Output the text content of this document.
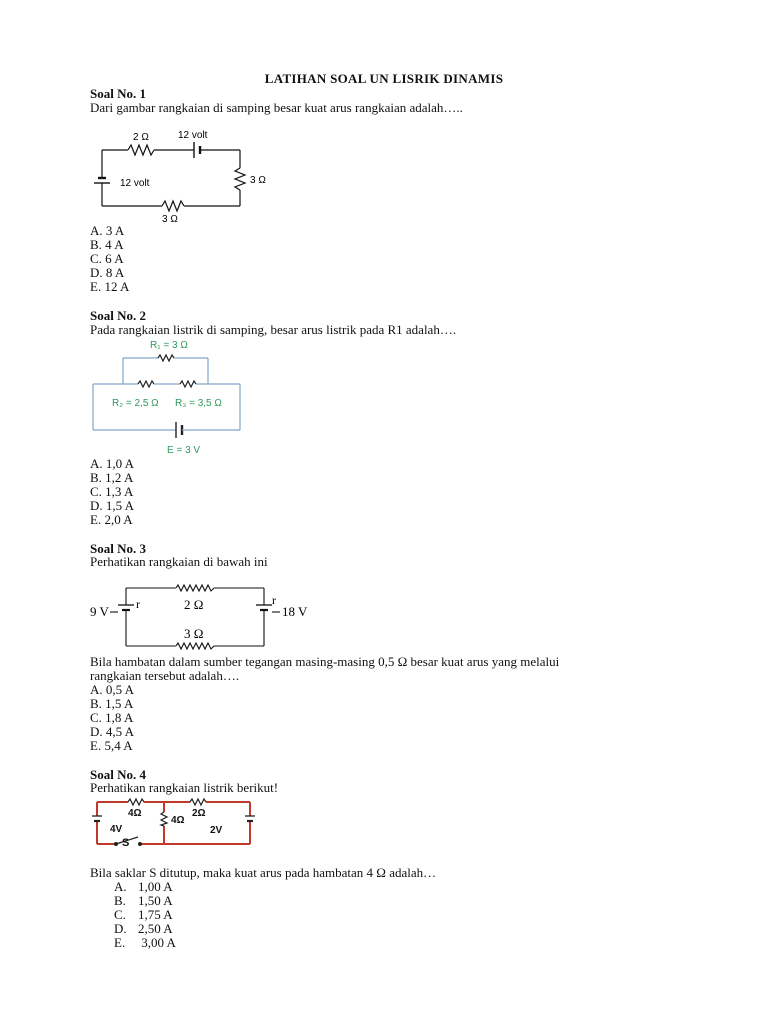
LATIHAN SOAL UN LISRIK DINAMIS
Soal No. 1
Dari gambar rangkaian di samping besar kuat arus rangkaian adalah…..
2 Ω	12 volt
3 Ω
12 volt
3 Ω
A. 3 A
B. 4 A
C. 6 A
D. 8 A
E. 12 A
Soal No. 2
Pada rangkaian listrik di samping, besar arus listrik pada R1 adalah….
R₁ = 3 Ω
R₂ = 2,5 Ω R₃ = 3,5 Ω
E = 3 V
A. 1,0 A
B. 1,2 A
C. 1,3 A
D. 1,5 A
E. 2,0 A
Soal No. 3
Perhatikan rangkaian di bawah ini
9 V r	2 Ω	r
18 V
3 Ω
Bila hambatan dalam sumber tegangan masing-masing 0,5 Ω besar kuat arus yang melalui
rangkaian tersebut adalah….
A. 0,5 A
B. 1,5 A
C. 1,8 A
D. 4,5 A
E. 5,4 A
Soal No. 4
Perhatikan rangkaian listrik berikut!
4Ω	2Ω
4Ω
4V	2V
S
Bila saklar S ditutup, maka kuat arus pada hambatan 4 Ω adalah…
A. 1,00 A
B. 1,50 A
C. 1,75 A
D. 2,50 A
E. 3,00 A
